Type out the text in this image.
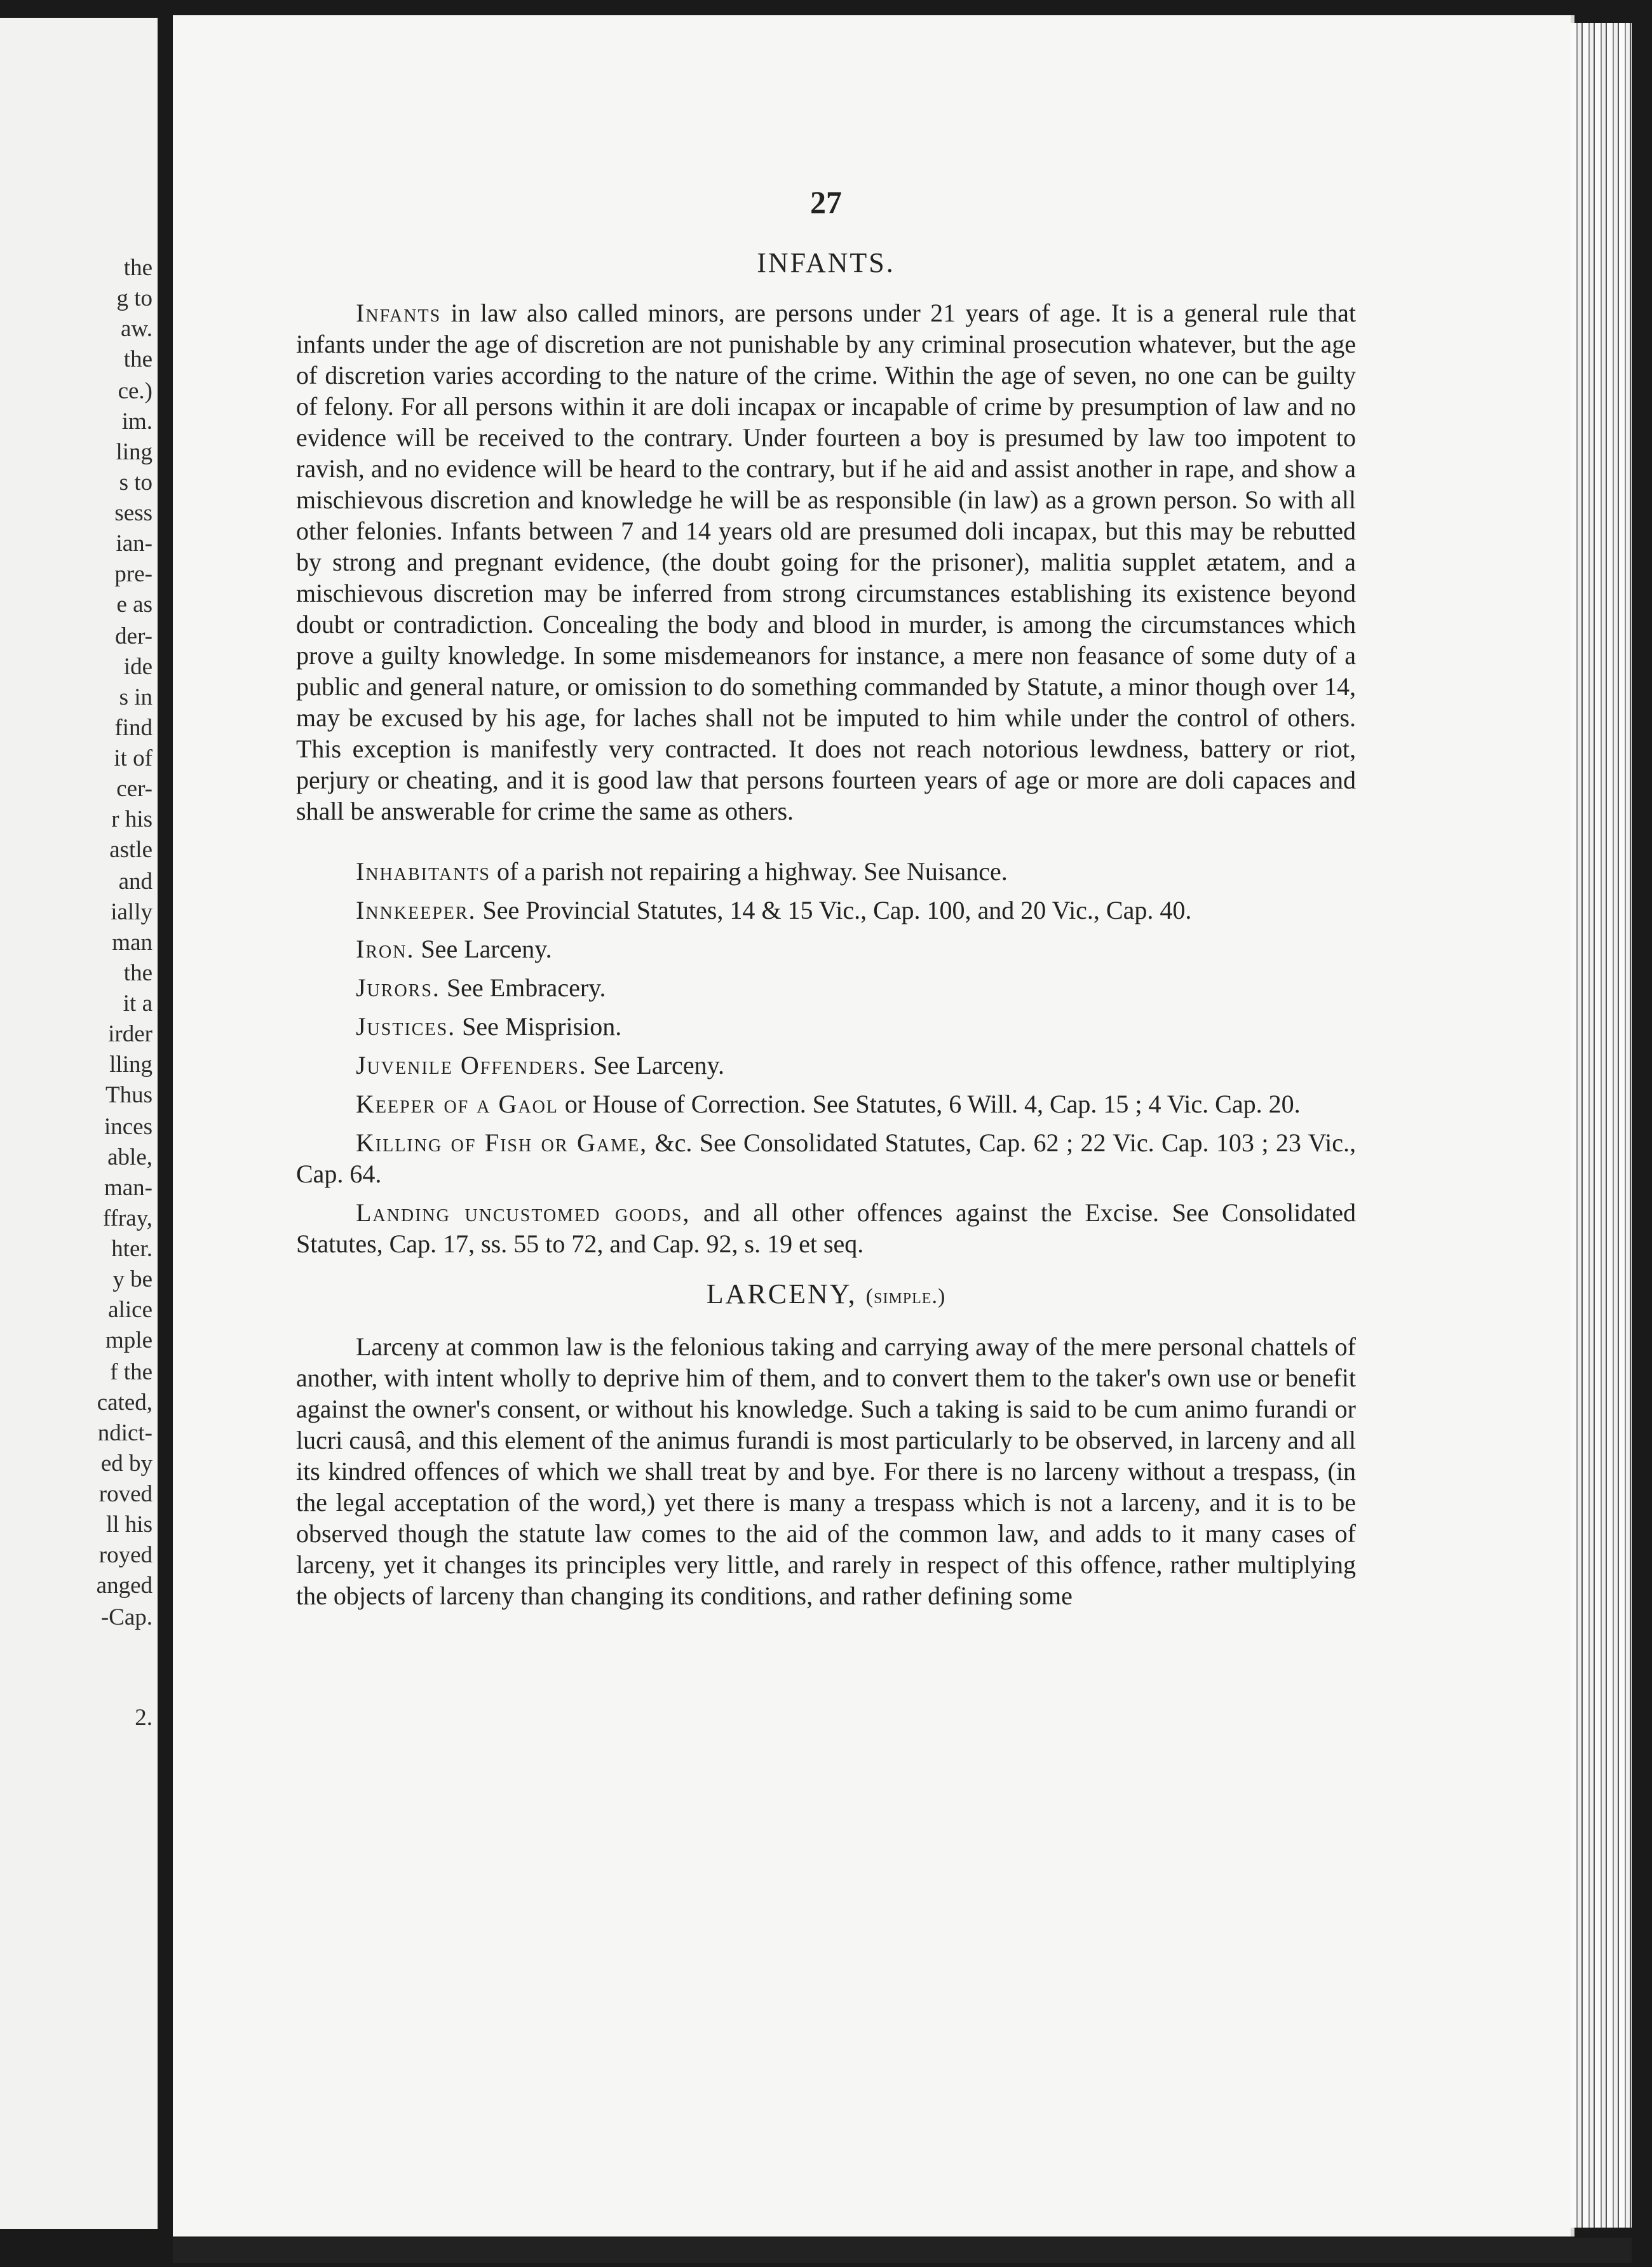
the
g to
aw.
the
ce.)
im.
ling
s to
sess
ian-
pre-
e as
der-
ide
s in
find
it of
cer-
r his
astle
and
ially
man
the
it a
irder
lling
Thus
inces
able,
man-
ffray,
hter.
y be
alice
mple
f the
cated,
ndict-
ed by
roved
ll his
royed
anged
-Cap.
2.
27
INFANTS.

Infants in law also called minors, are persons under 21 years of age. It is a general rule that infants under the age of discretion are not punishable by any criminal prosecution whatever, but the age of discretion varies according to the nature of the crime. Within the age of seven, no one can be guilty of felony. For all persons within it are doli incapax or incapable of crime by presumption of law and no evidence will be received to the contrary. Under fourteen a boy is presumed by law too impotent to ravish, and no evidence will be heard to the contrary, but if he aid and assist another in rape, and show a mischievous discretion and knowledge he will be as responsible (in law) as a grown person. So with all other felonies. Infants between 7 and 14 years old are presumed doli incapax, but this may be rebutted by strong and pregnant evidence, (the doubt going for the prisoner), malitia supplet ætatem, and a mischievous discretion may be inferred from strong circumstances establishing its existence beyond doubt or contradiction. Concealing the body and blood in murder, is among the circumstances which prove a guilty knowledge. In some misdemeanors for instance, a mere non feasance of some duty of a public and general nature, or omission to do something commanded by Statute, a minor though over 14, may be excused by his age, for laches shall not be imputed to him while under the control of others. This exception is manifestly very contracted. It does not reach notorious lewdness, battery or riot, perjury or cheating, and it is good law that persons fourteen years of age or more are doli capaces and shall be answerable for crime the same as others.

Inhabitants of a parish not repairing a highway. See Nuisance.

Innkeeper. See Provincial Statutes, 14 & 15 Vic., Cap. 100, and 20 Vic., Cap. 40.

Iron. See Larceny.

Jurors. See Embracery.

Justices. See Misprision.

Juvenile Offenders. See Larceny.

Keeper of a Gaol or House of Correction. See Statutes, 6 Will. 4, Cap. 15 ; 4 Vic. Cap. 20.

Killing of Fish or Game, &c. See Consolidated Statutes, Cap. 62 ; 22 Vic. Cap. 103 ; 23 Vic., Cap. 64.

Landing uncustomed goods, and all other offences against the Excise. See Consolidated Statutes, Cap. 17, ss. 55 to 72, and Cap. 92, s. 19 et seq.

LARCENY, (simple.)

Larceny at common law is the felonious taking and carrying away of the mere personal chattels of another, with intent wholly to deprive him of them, and to convert them to the taker's own use or benefit against the owner's consent, or without his knowledge. Such a taking is said to be cum animo furandi or lucri causâ, and this element of the animus furandi is most particularly to be observed, in larceny and all its kindred offences of which we shall treat by and bye. For there is no larceny without a trespass, (in the legal acceptation of the word,) yet there is many a trespass which is not a larceny, and it is to be observed though the statute law comes to the aid of the common law, and adds to it many cases of larceny, yet it changes its principles very little, and rarely in respect of this offence, rather multiplying the objects of larceny than changing its conditions, and rather defining some
